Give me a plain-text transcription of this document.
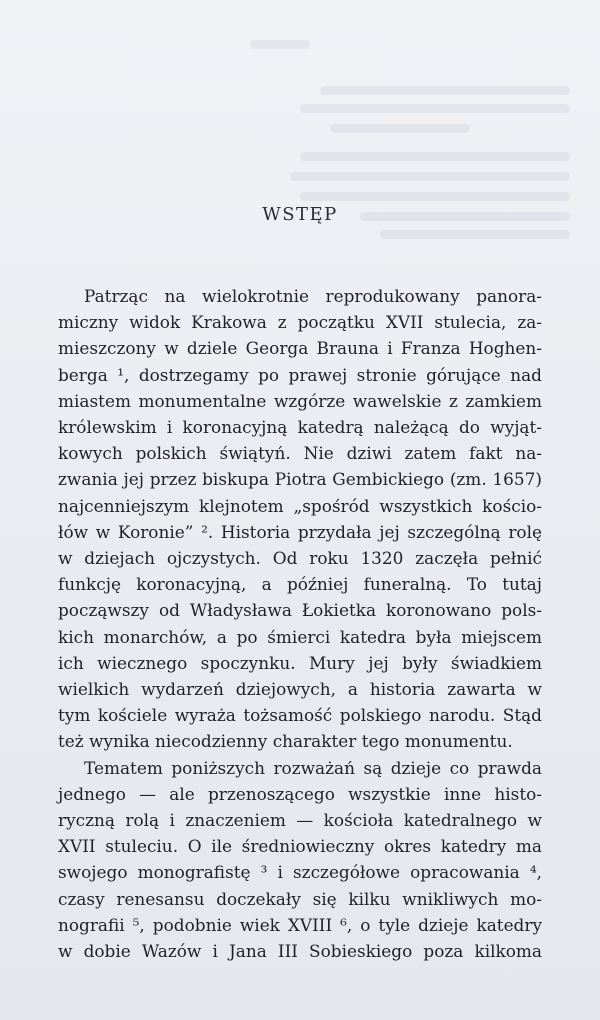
WSTĘP
Patrząc na wielokrotnie reprodukowany panora-
miczny widok Krakowa z początku XVII stulecia, za-
mieszczony w dziele Georga Brauna i Franza Hoghen-
berga ¹, dostrzegamy po prawej stronie górujące nad
miastem monumentalne wzgórze wawelskie z zamkiem
królewskim i koronacyjną katedrą należącą do wyjąt-
kowych polskich świątyń. Nie dziwi zatem fakt na-
zwania jej przez biskupa Piotra Gembickiego (zm. 1657)
najcenniejszym klejnotem „spośród wszystkich kościo-
łów w Koronie” ². Historia przydała jej szczególną rolę
w dziejach ojczystych. Od roku 1320 zaczęła pełnić
funkcję koronacyjną, a później funeralną. To tutaj
począwszy od Władysława Łokietka koronowano pols-
kich monarchów, a po śmierci katedra była miejscem
ich wiecznego spoczynku. Mury jej były świadkiem
wielkich wydarzeń dziejowych, a historia zawarta w
tym kościele wyraża tożsamość polskiego narodu. Stąd
też wynika niecodzienny charakter tego monumentu.
Tematem poniższych rozważań są dzieje co prawda
jednego — ale przenoszącego wszystkie inne histo-
ryczną rolą i znaczeniem — kościoła katedralnego w
XVII stuleciu. O ile średniowieczny okres katedry ma
swojego monografistę ³ i szczegółowe opracowania ⁴,
czasy renesansu doczekały się kilku wnikliwych mo-
nografii ⁵, podobnie wiek XVIII ⁶, o tyle dzieje katedry
w dobie Wazów i Jana III Sobieskiego poza kilkoma
